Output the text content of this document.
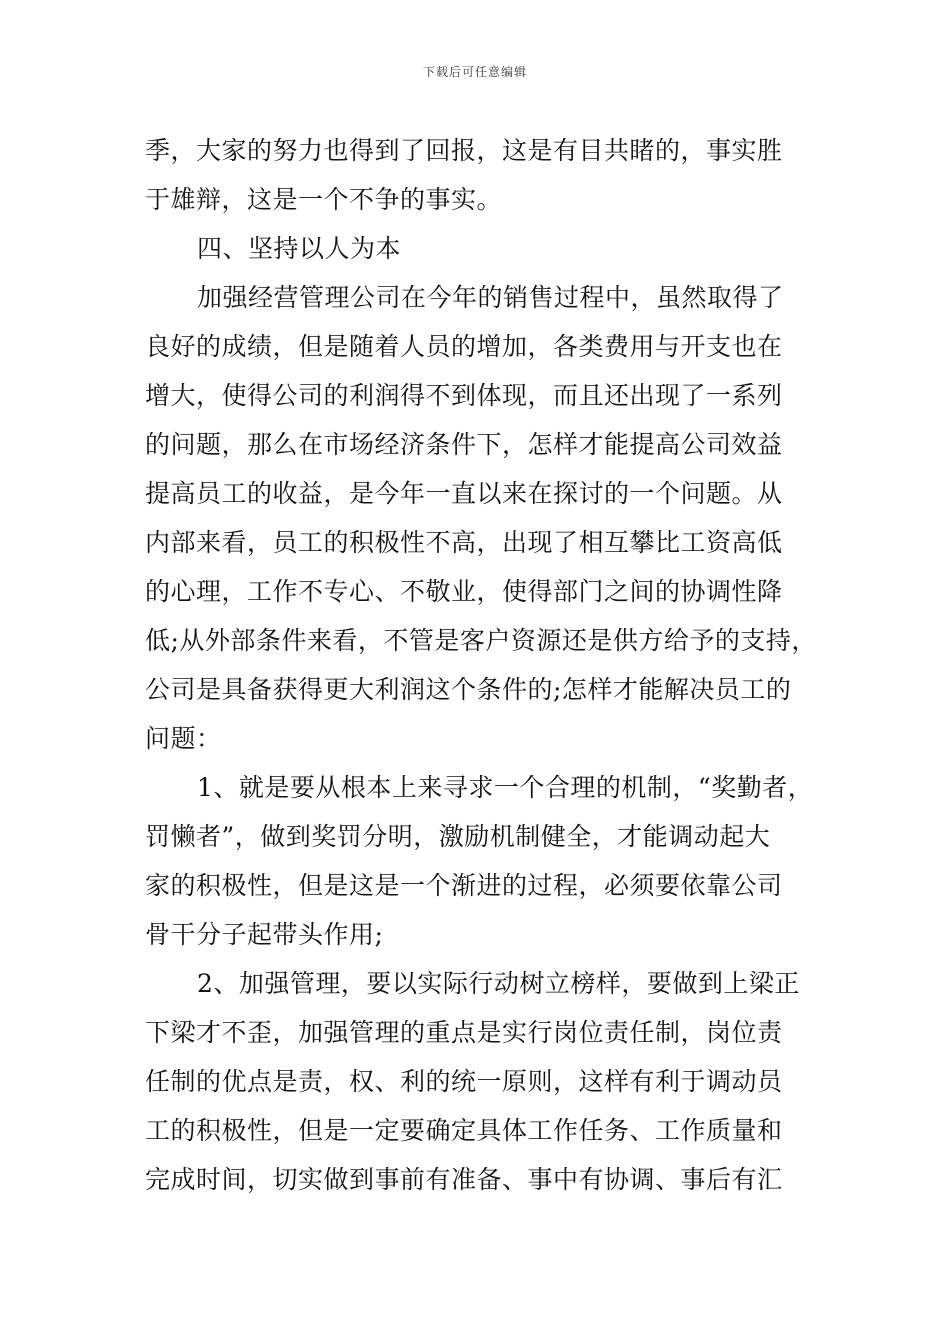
下载后可任意编辑
季，大家的努力也得到了回报，这是有目共睹的，事实胜
于雄辩，这是一个不争的事实。
四、坚持以人为本
加强经营管理公司在今年的销售过程中，虽然取得了
良好的成绩，但是随着人员的增加，各类费用与开支也在
增大，使得公司的利润得不到体现，而且还出现了一系列
的问题，那么在市场经济条件下，怎样才能提高公司效益
提高员工的收益，是今年一直以来在探讨的一个问题。从
内部来看，员工的积极性不高，出现了相互攀比工资高低
的心理，工作不专心、不敬业，使得部门之间的协调性降
低;从外部条件来看，不管是客户资源还是供方给予的支持，
公司是具备获得更大利润这个条件的;怎样才能解决员工的
问题：
1、就是要从根本上来寻求一个合理的机制，“奖勤者，
罚懒者”，做到奖罚分明，激励机制健全，才能调动起大
家的积极性，但是这是一个渐进的过程，必须要依靠公司
骨干分子起带头作用;
2、加强管理，要以实际行动树立榜样，要做到上梁正
下梁才不歪，加强管理的重点是实行岗位责任制，岗位责
任制的优点是责，权、利的统一原则，这样有利于调动员
工的积极性，但是一定要确定具体工作任务、工作质量和
完成时间，切实做到事前有准备、事中有协调、事后有汇
